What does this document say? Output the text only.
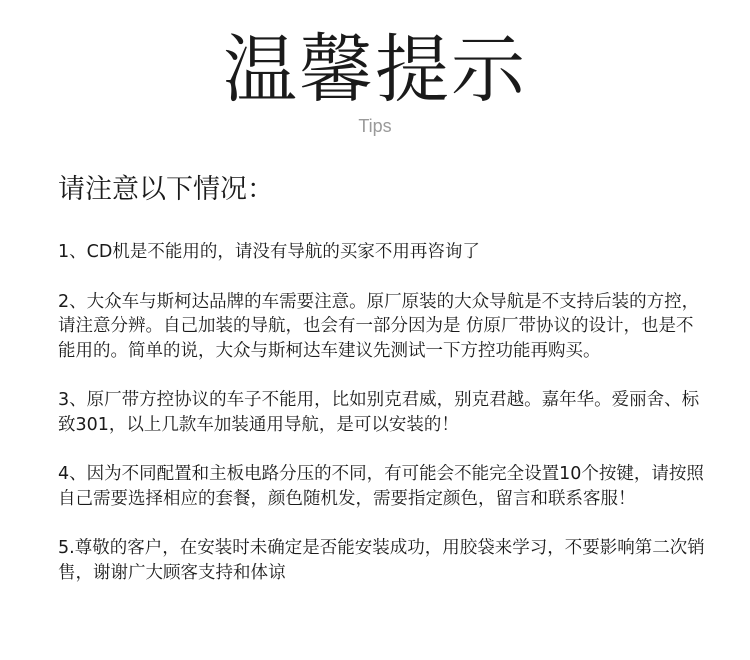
温馨提示
Tips
请注意以下情况：

1、CD机是不能用的，请没有导航的买家不用再咨询了

2、大众车与斯柯达品牌的车需要注意。原厂原装的大众导航是不支持后装的方控，请注意分辨。自己加装的导航，也会有一部分因为是 仿原厂带协议的设计，也是不能用的。简单的说，大众与斯柯达车建议先测试一下方控功能再购买。

3、原厂带方控协议的车子不能用，比如别克君威，别克君越。嘉年华。爱丽舍、标致301，以上几款车加装通用导航，是可以安装的！

4、因为不同配置和主板电路分压的不同，有可能会不能完全设置10个按键，请按照自己需要选择相应的套餐，颜色随机发，需要指定颜色，留言和联系客服！

5.尊敬的客户，在安装时未确定是否能安装成功，用胶袋来学习，不要影响第二次销售，谢谢广大顾客支持和体谅
